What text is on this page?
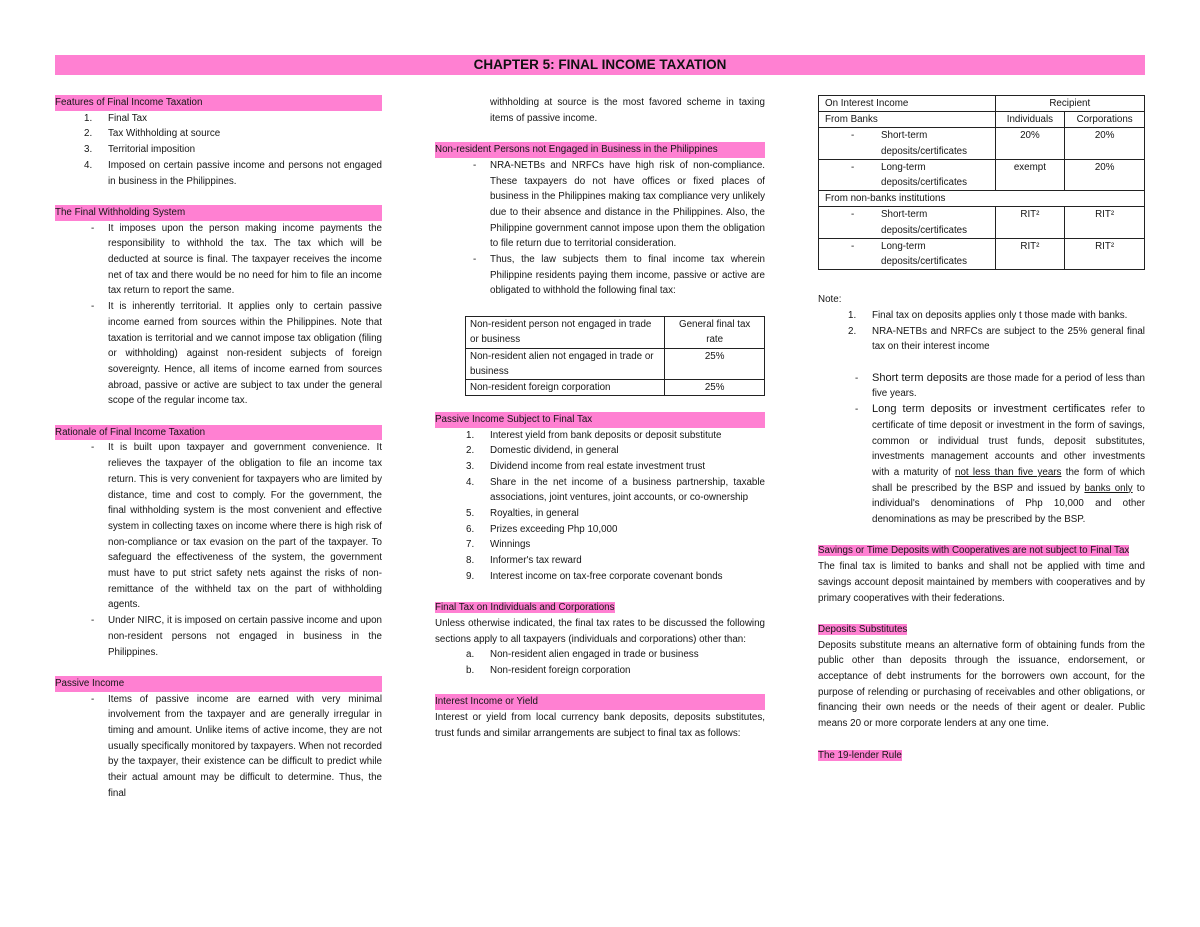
CHAPTER 5: FINAL INCOME TAXATION
Features of Final Income Taxation
Final Tax
Tax Withholding at source
Territorial imposition
Imposed on certain passive income and persons not engaged in business in the Philippines.
The Final Withholding System
- It imposes upon the person making income payments the responsibility to withhold the tax. The tax which will be deducted at source is final. The taxpayer receives the income net of tax and there would be no need for him to file an income tax return to report the same.
- It is inherently territorial. It applies only to certain passive income earned from sources within the Philippines. Note that taxation is territorial and we cannot impose tax obligation (filing or withholding) against non-resident subjects of foreign sovereignty. Hence, all items of income earned from sources abroad, passive or active are subject to tax under the general scope of the regular income tax.
Rationale of Final Income Taxation
- It is built upon taxpayer and government convenience. It relieves the taxpayer of the obligation to file an income tax return. This is very convenient for taxpayers who are limited by distance, time and cost to comply. For the government, the final withholding system is the most convenient and effective system in collecting taxes on income where there is high risk of non-compliance or tax evasion on the part of the taxpayer. To safeguard the effectiveness of the system, the government must have to put strict safety nets against the risks of non-remittance of the withheld tax on the part of withholding agents.
- Under NIRC, it is imposed on certain passive income and upon non-resident persons not engaged in business in the Philippines.
Passive Income
- Items of passive income are earned with very minimal involvement from the taxpayer and are generally irregular in timing and amount. Unlike items of active income, they are not usually specifically monitored by taxpayers. When not recorded by the taxpayer, their existence can be difficult to predict while their actual amount may be difficult to determine. Thus, the final

withholding at source is the most favored scheme in taxing items of passive income.

Non-resident Persons not Engaged in Business in the Philippines
- NRA-NETBs and NRFCs have high risk of non-compliance. These taxpayers do not have offices or fixed places of business in the Philippines making tax compliance very unlikely due to their absence and distance in the Philippines. Also, the Philippine government cannot impose upon them the obligation to file return due to territorial consideration.
- Thus, the law subjects them to final income tax wherein Philippine residents paying them income, passive or active are obligated to withhold the following final tax:
Non-resident person not engaged in trade or business	General final tax rate
Non-resident alien not engaged in trade or business	25%
Non-resident foreign corporation	25%
Passive Income Subject to Final Tax
Interest yield from bank deposits or deposit substitute
Domestic dividend, in general
Dividend income from real estate investment trust
Share in the net income of a business partnership, taxable associations, joint ventures, joint accounts, or co-ownership
Royalties, in general
Prizes exceeding Php 10,000
Winnings
Informer's tax reward
Interest income on tax-free corporate covenant bonds
Final Tax on Individuals and Corporations

Unless otherwise indicated, the final tax rates to be discussed the following sections apply to all taxpayers (individuals and corporations) other than:

Non-resident alien engaged in trade or business
Non-resident foreign corporation
Interest Income or Yield

Interest or yield from local currency bank deposits, deposits substitutes, trust funds and similar arrangements are subject to final tax as follows:

On Interest Income	Recipient	
From Banks	Individuals	Corporations
- Short-term deposits/certificates	20%	20%
- Long-term deposits/certificates	exempt	20%
From non-banks institutions		
- Short-term deposits/certificates	RIT²	RIT²
- Long-term deposits/certificates	RIT²	RIT²
Note:
Final tax on deposits applies only t those made with banks.
NRA-NETBs and NRFCs are subject to the 25% general final tax on their interest income
- Short term deposits are those made for a period of less than five years.
- Long term deposits or investment certificates refer to certificate of time deposit or investment in the form of savings, common or individual trust funds, deposit substitutes, investments management accounts and other investments with a maturity of not less than five years the form of which shall be prescribed by the BSP and issued by banks only to individual's denominations of Php 10,000 and other denominations as may be prescribed by the BSP.
Savings or Time Deposits with Cooperatives are not subject to Final Tax

The final tax is limited to banks and shall not be applied with time and savings account deposit maintained by members with cooperatives and by primary cooperatives with their federations.

Deposits Substitutes

Deposits substitute means an alternative form of obtaining funds from the public other than deposits through the issuance, endorsement, or acceptance of debt instruments for the borrowers own account, for the purpose of relending or purchasing of receivables and other obligations, or financing their own needs or the needs of their agent or dealer. Public means 20 or more corporate lenders at any one time.

The 19-lender Rule
